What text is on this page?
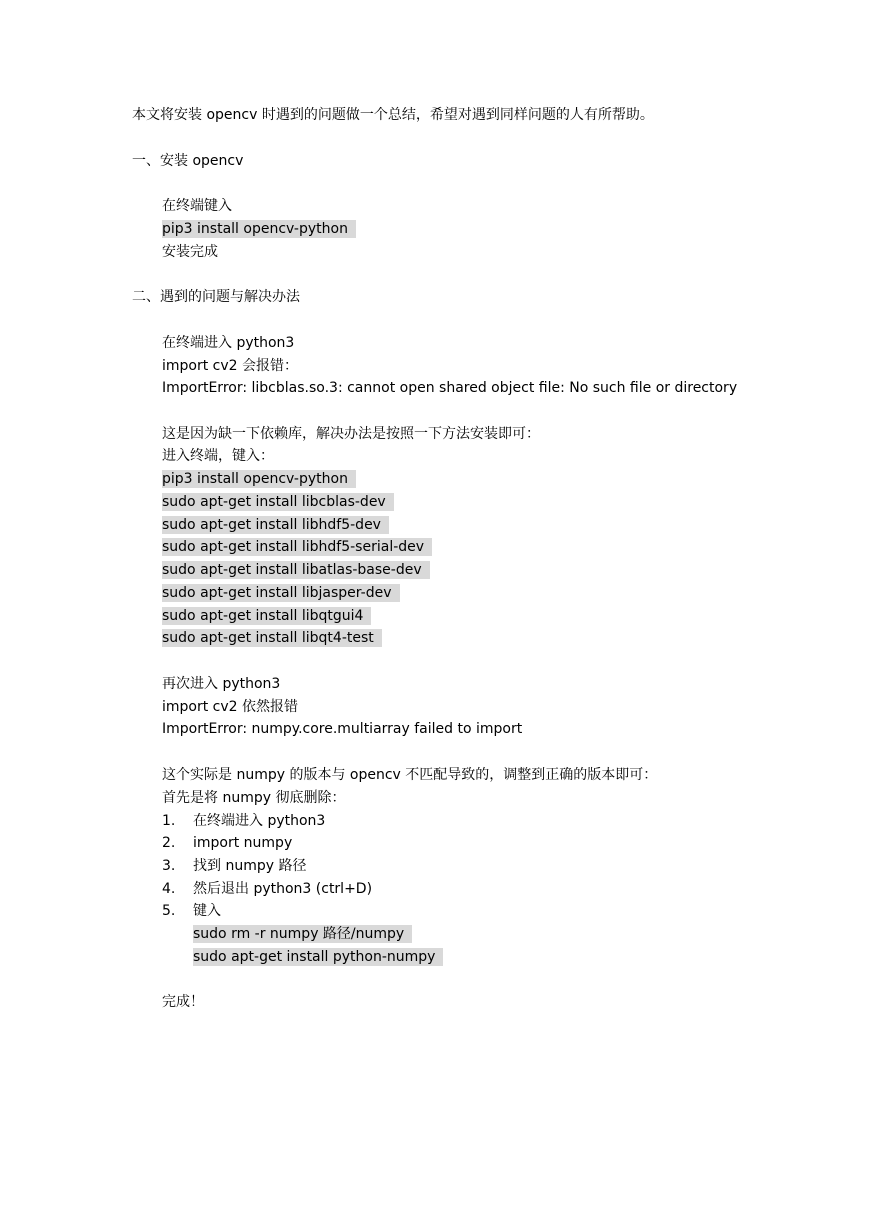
本文将安装 opencv 时遇到的问题做一个总结，希望对遇到同样问题的人有所帮助。
一、安装 opencv
在终端键入
pip3 install opencv-python
安装完成
二、遇到的问题与解决办法
在终端进入 python3
import cv2 会报错：
ImportError: libcblas.so.3: cannot open shared object file: No such file or directory
这是因为缺一下依赖库，解决办法是按照一下方法安装即可：
进入终端，键入：
pip3 install opencv-python
sudo apt-get install libcblas-dev
sudo apt-get install libhdf5-dev
sudo apt-get install libhdf5-serial-dev
sudo apt-get install libatlas-base-dev
sudo apt-get install libjasper-dev
sudo apt-get install libqtgui4
sudo apt-get install libqt4-test
再次进入 python3
import cv2 依然报错
ImportError: numpy.core.multiarray failed to import
这个实际是 numpy 的版本与 opencv 不匹配导致的，调整到正确的版本即可：
首先是将 numpy 彻底删除：
1. 在终端进入 python3
2. import numpy
3. 找到 numpy 路径
4. 然后退出 python3 (ctrl+D)
5. 键入
sudo rm -r numpy 路径/numpy
sudo apt-get install python-numpy
完成！
